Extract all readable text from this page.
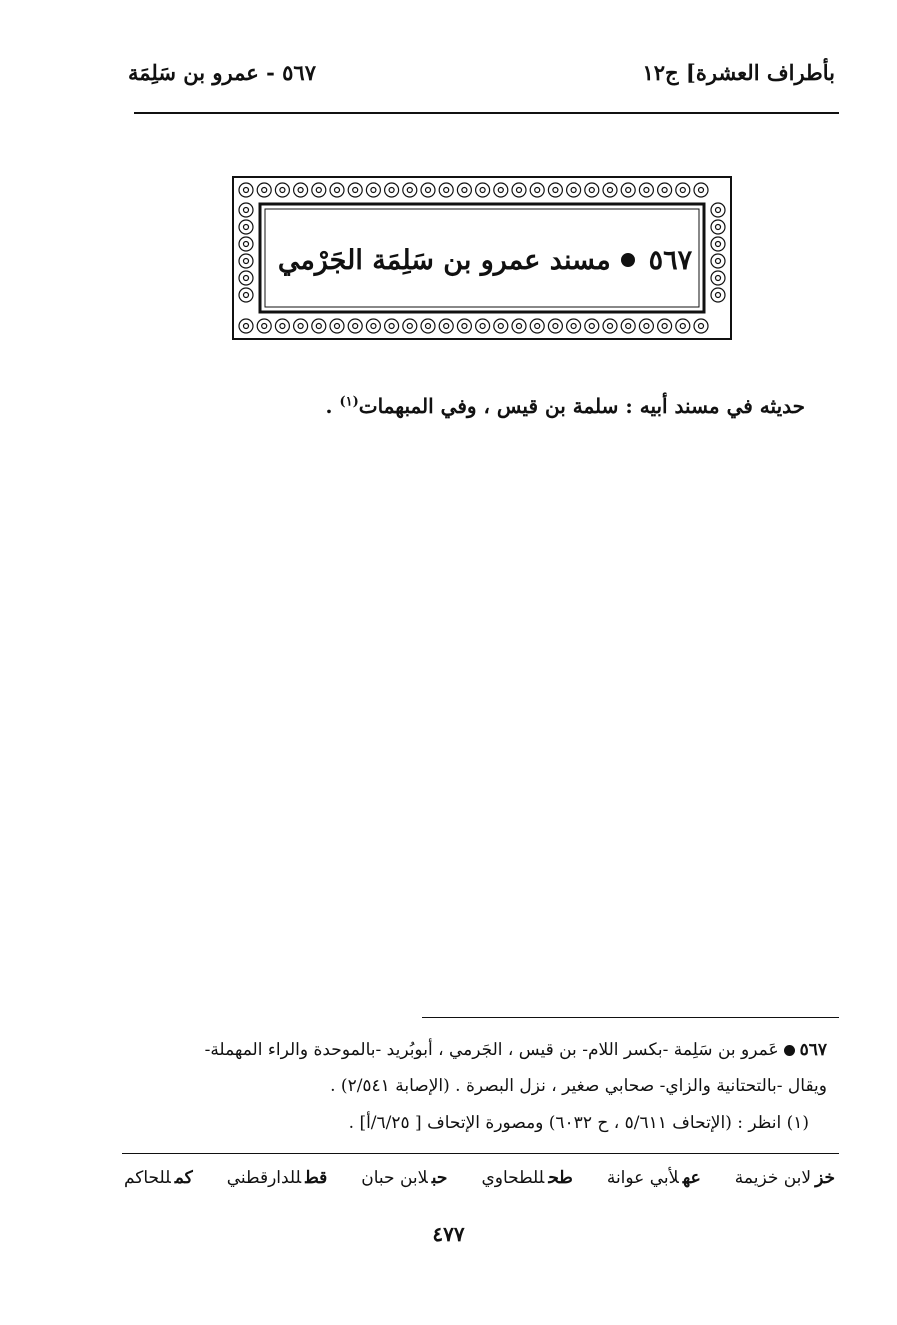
بأطراف العشرة] ج١٢
٥٦٧ - عمرو بن سَلِمَة
٥٦٧
مسند عمرو بن سَلِمَة الجَرْمي
حديثه في مسند أبيه : سلمة بن قيس ، وفي المبهمات$^{(١)}$ .
٥٦٧عَمرو بن سَلِمة -بكسر اللام- بن قيس ، الجَرمي ، أبوبُريد -بالموحدة والراء المهملة-
ويقال -بالتحتانية والزاي- صحابي صغير ، نزل البصرة . (الإصابة ٢/٥٤١) .
(١) انظر : (الإتحاف ٥/٦١١ ، ح ٦٠٣٢) ومصورة الإتحاف [ ٦/٢٥/أ] .
خزلابن خزيمة
عهلأبي عوانة
طحللطحاوي
حبلابن حبان
قطللدارقطني
كمللحاكم
٤٧٧
